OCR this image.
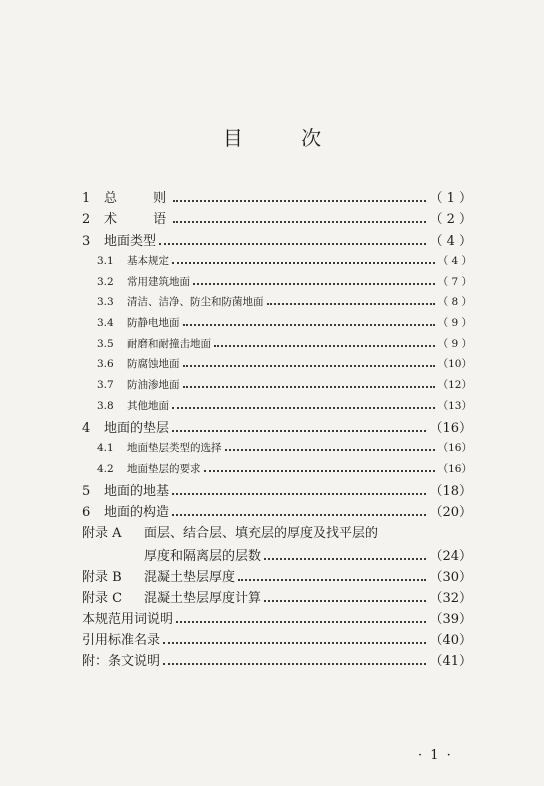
目 次
1	总 则	（ 1 ）
2	术 语	（ 2 ）
3	地面类型	（ 4 ）
3.1	基本规定	（ 4 ）
3.2	常用建筑地面	（ 7 ）
3.3	清洁、洁净、防尘和防菌地面	（ 8 ）
3.4	防静电地面	（ 9 ）
3.5	耐磨和耐撞击地面	（ 9 ）
3.6	防腐蚀地面	（10）
3.7	防油渗地面	（12）
3.8	其他地面	（13）
4	地面的垫层	（16）
4.1	地面垫层类型的选择	（16）
4.2	地面垫层的要求	（16）
5	地面的地基	（18）
6	地面的构造	（20）
附录 A	面层、结合层、填充层的厚度及找平层的
厚度和隔离层的层数	（24）
附录 B	混凝土垫层厚度	（30）
附录 C	混凝土垫层厚度计算	（32）
本规范用词说明	（39）
引用标准名录	（40）
附：条文说明	（41）
· 1 ·
